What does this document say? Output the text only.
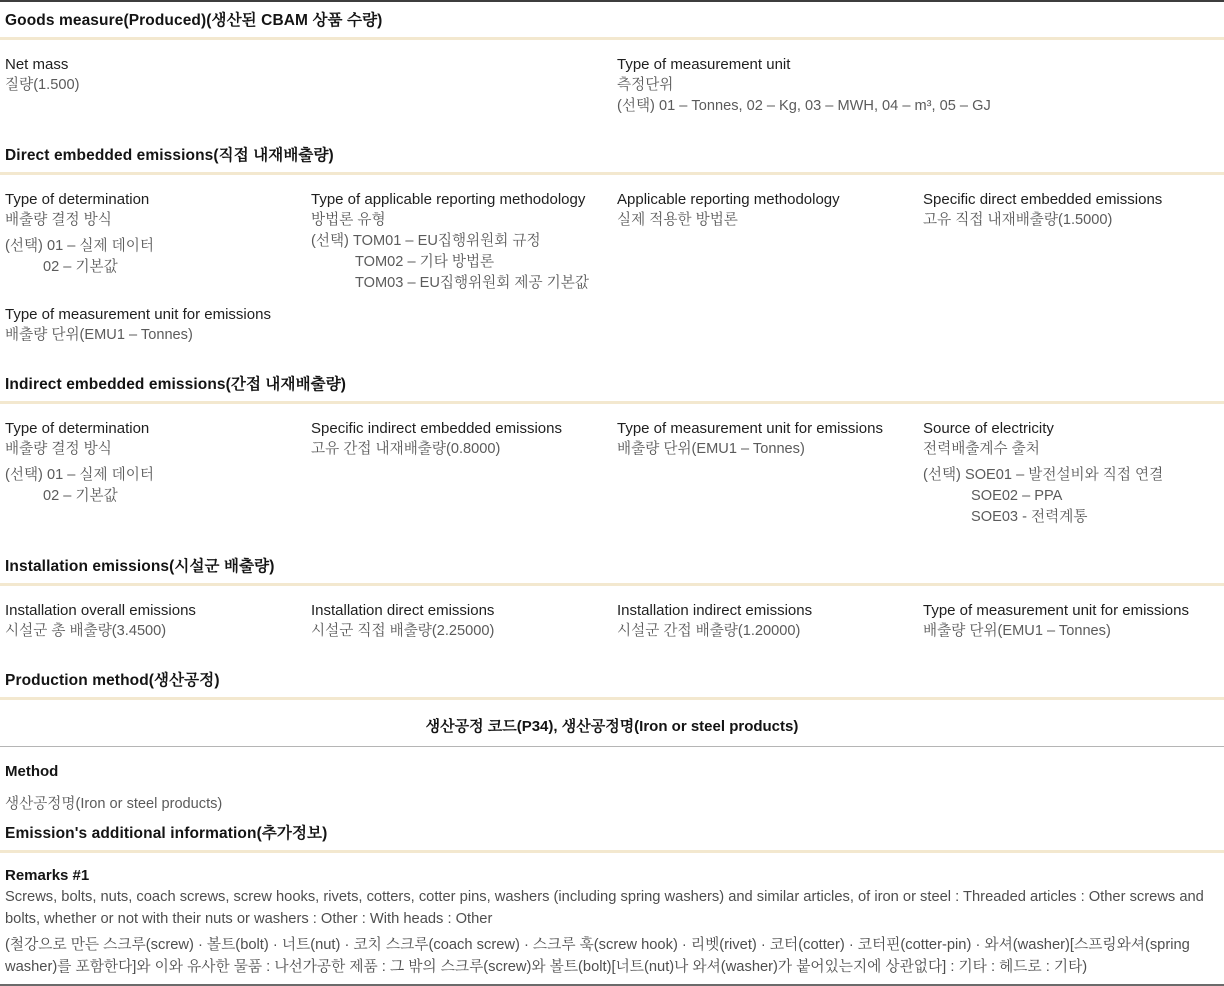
Goods measure(Produced)(생산된 CBAM 상품 수량)
Net mass
질량(1.500)
Type of measurement unit
측정단위
(선택) 01 – Tonnes, 02 – Kg, 03 – MWH, 04 – m³, 05 – GJ
Direct embedded emissions(직접 내재배출량)
Type of determination
배출량 결정 방식
(선택) 01 – 실제 데이터
02 – 기본값
Type of applicable reporting methodology
방법론 유형
(선택) TOM01 – EU집행위원회 규정
TOM02 – 기타 방법론
TOM03 – EU집행위원회 제공 기본값
Applicable reporting methodology
실제 적용한 방법론
Specific direct embedded emissions
고유 직접 내재배출량(1.5000)
Type of measurement unit for emissions
배출량 단위(EMU1 – Tonnes)
Indirect embedded emissions(간접 내재배출량)
Type of determination
배출량 결정 방식
(선택) 01 – 실제 데이터
02 – 기본값
Specific indirect embedded emissions
고유 간접 내재배출량(0.8000)
Type of measurement unit for emissions
배출량 단위(EMU1 – Tonnes)
Source of electricity
전력배출계수 출처
(선택) SOE01 – 발전설비와 직접 연결
SOE02 – PPA
SOE03 - 전력계통
Installation emissions(시설군 배출량)
Installation overall emissions
시설군 총 배출량(3.4500)
Installation direct emissions
시설군 직접 배출량(2.25000)
Installation indirect emissions
시설군 간접 배출량(1.20000)
Type of measurement unit for emissions
배출량 단위(EMU1 – Tonnes)
Production method(생산공정)
생산공정 코드(P34), 생산공정명(Iron or steel products)
Method
생산공정명(Iron or steel products)
Emission's additional information(추가정보)
Remarks #1
Screws, bolts, nuts, coach screws, screw hooks, rivets, cotters, cotter pins, washers (including spring washers) and similar articles, of iron or steel : Threaded articles : Other screws and bolts, whether or not with their nuts or washers : Other : With heads : Other
(철강으로 만든 스크루(screw) · 볼트(bolt) · 너트(nut) · 코치 스크루(coach screw) · 스크루 훅(screw hook) · 리벳(rivet) · 코터(cotter) · 코터핀(cotter-pin) · 와셔(washer)[스프링와셔(spring washer)를 포함한다]와 이와 유사한 물품 : 나선가공한 제품 : 그 밖의 스크루(screw)와 볼트(bolt)[너트(nut)나 와셔(washer)가 붙어있는지에 상관없다] : 기타 : 헤드로 : 기타)
